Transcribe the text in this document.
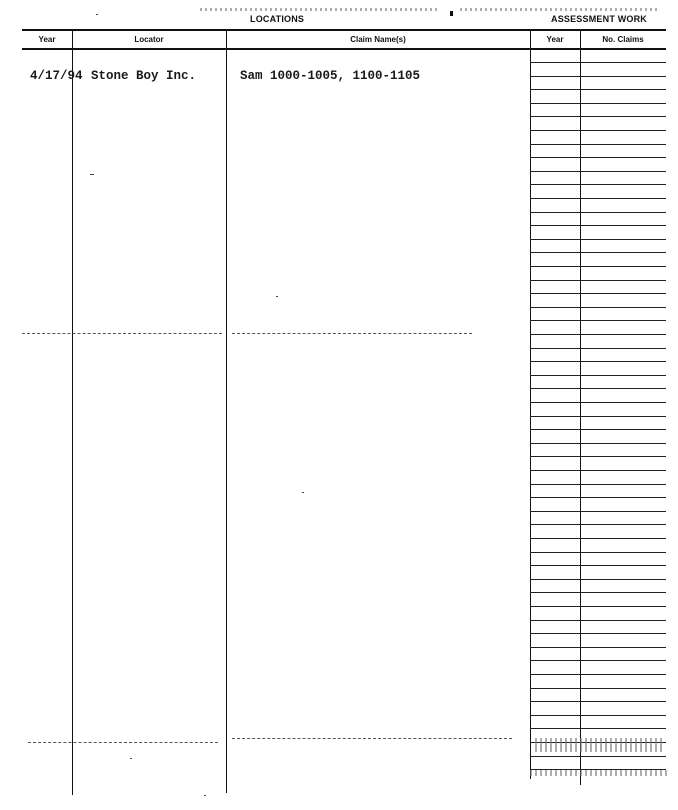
LOCATIONS	ASSESSMENT WORK
Year	Locator	Claim Name(s)	Year	No. Claims
4/17/94 Stone Boy Inc.	Sam 1000-1005, 1100-1105
